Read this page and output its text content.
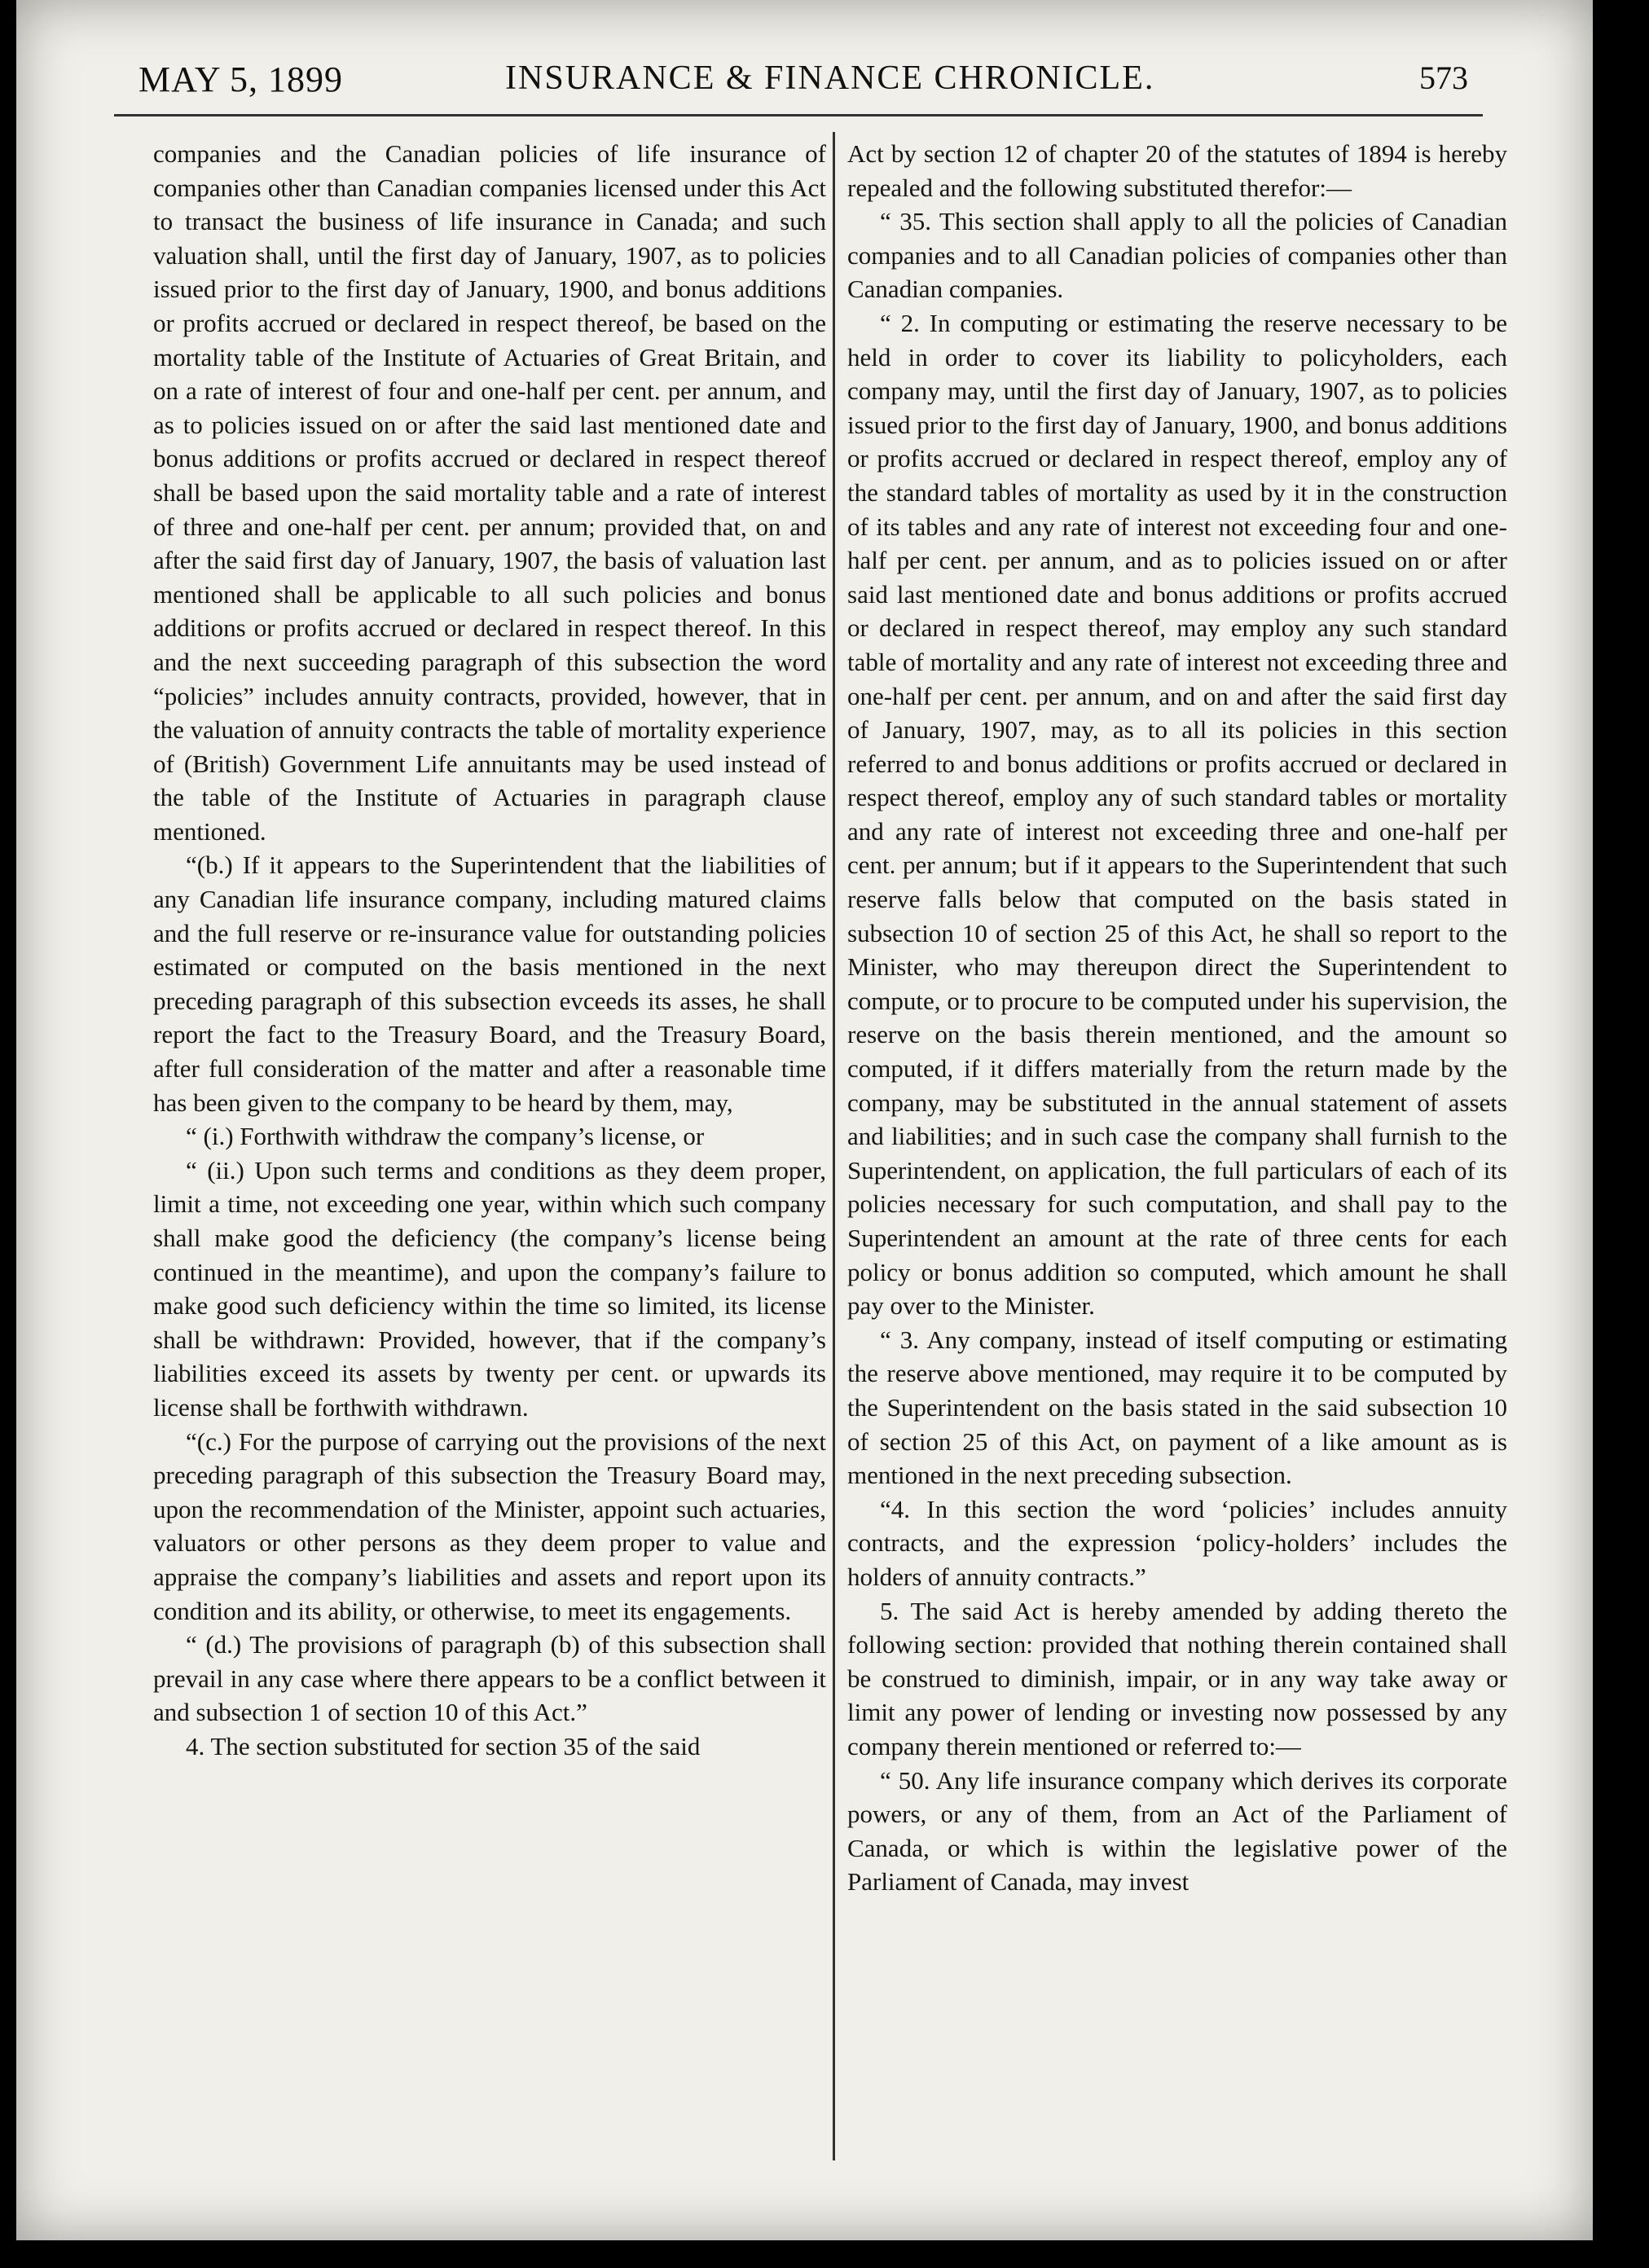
MAY 5, 1899	INSURANCE & FINANCE CHRONICLE.	573

companies and the Canadian policies of life insurance of companies other than Canadian companies licensed under this Act to transact the business of life insurance in Canada; and such valuation shall, until the first day of January, 1907, as to policies issued prior to the first day of January, 1900, and bonus additions or profits accrued or declared in respect thereof, be based on the mortality table of the Institute of Actuaries of Great Britain, and on a rate of interest of four and one-half per cent. per annum, and as to policies issued on or after the said last mentioned date and bonus additions or profits accrued or declared in respect thereof shall be based upon the said mortality table and a rate of interest of three and one-half per cent. per annum; provided that, on and after the said first day of January, 1907, the basis of valuation last mentioned shall be applicable to all such policies and bonus additions or profits accrued or declared in respect thereof. In this and the next succeeding paragraph of this subsection the word “policies” includes annuity contracts, provided, however, that in the valuation of annuity contracts the table of mortality experience of (British) Government Life annuitants may be used instead of the table of the Institute of Actuaries in paragraph clause mentioned.

“(b.) If it appears to the Superintendent that the liabilities of any Canadian life insurance company, including matured claims and the full reserve or re-insurance value for outstanding policies estimated or computed on the basis mentioned in the next preceding paragraph of this subsection evceeds its asses, he shall report the fact to the Treasury Board, and the Treasury Board, after full consideration of the matter and after a reasonable time has been given to the company to be heard by them, may,

“ (i.) Forthwith withdraw the company’s license, or

“ (ii.) Upon such terms and conditions as they deem proper, limit a time, not exceeding one year, within which such company shall make good the deficiency (the company’s license being continued in the meantime), and upon the company’s failure to make good such deficiency within the time so limited, its license shall be withdrawn: Provided, however, that if the company’s liabilities exceed its assets by twenty per cent. or upwards its license shall be forthwith withdrawn.

“(c.) For the purpose of carrying out the provisions of the next preceding paragraph of this subsection the Treasury Board may, upon the recommendation of the Minister, appoint such actuaries, valuators or other persons as they deem proper to value and appraise the company’s liabilities and assets and report upon its condition and its ability, or otherwise, to meet its engagements.

“ (d.) The provisions of paragraph (b) of this subsection shall prevail in any case where there appears to be a conflict between it and subsection 1 of section 10 of this Act.”

4. The section substituted for section 35 of the said

Act by section 12 of chapter 20 of the statutes of 1894 is hereby repealed and the following substituted therefor:—

“ 35. This section shall apply to all the policies of Canadian companies and to all Canadian policies of companies other than Canadian companies.

“ 2. In computing or estimating the reserve necessary to be held in order to cover its liability to policyholders, each company may, until the first day of January, 1907, as to policies issued prior to the first day of January, 1900, and bonus additions or profits accrued or declared in respect thereof, employ any of the standard tables of mortality as used by it in the construction of its tables and any rate of interest not exceeding four and one-half per cent. per annum, and as to policies issued on or after said last mentioned date and bonus additions or profits accrued or declared in respect thereof, may employ any such standard table of mortality and any rate of interest not exceeding three and one-half per cent. per annum, and on and after the said first day of January, 1907, may, as to all its policies in this section referred to and bonus additions or profits accrued or declared in respect thereof, employ any of such standard tables or mortality and any rate of interest not exceeding three and one-half per cent. per annum; but if it appears to the Superintendent that such reserve falls below that computed on the basis stated in subsection 10 of section 25 of this Act, he shall so report to the Minister, who may thereupon direct the Superintendent to compute, or to procure to be computed under his supervision, the reserve on the basis therein mentioned, and the amount so computed, if it differs materially from the return made by the company, may be substituted in the annual statement of assets and liabilities; and in such case the company shall furnish to the Superintendent, on application, the full particulars of each of its policies necessary for such computation, and shall pay to the Superintendent an amount at the rate of three cents for each policy or bonus addition so computed, which amount he shall pay over to the Minister.

“ 3. Any company, instead of itself computing or estimating the reserve above mentioned, may require it to be computed by the Superintendent on the basis stated in the said subsection 10 of section 25 of this Act, on payment of a like amount as is mentioned in the next preceding subsection.

“4. In this section the word ‘policies’ includes annuity contracts, and the expression ‘policy-holders’ includes the holders of annuity contracts.”

5. The said Act is hereby amended by adding thereto the following section: provided that nothing therein contained shall be construed to diminish, impair, or in any way take away or limit any power of lending or investing now possessed by any company therein mentioned or referred to:—

“ 50. Any life insurance company which derives its corporate powers, or any of them, from an Act of the Parliament of Canada, or which is within the legislative power of the Parliament of Canada, may invest
